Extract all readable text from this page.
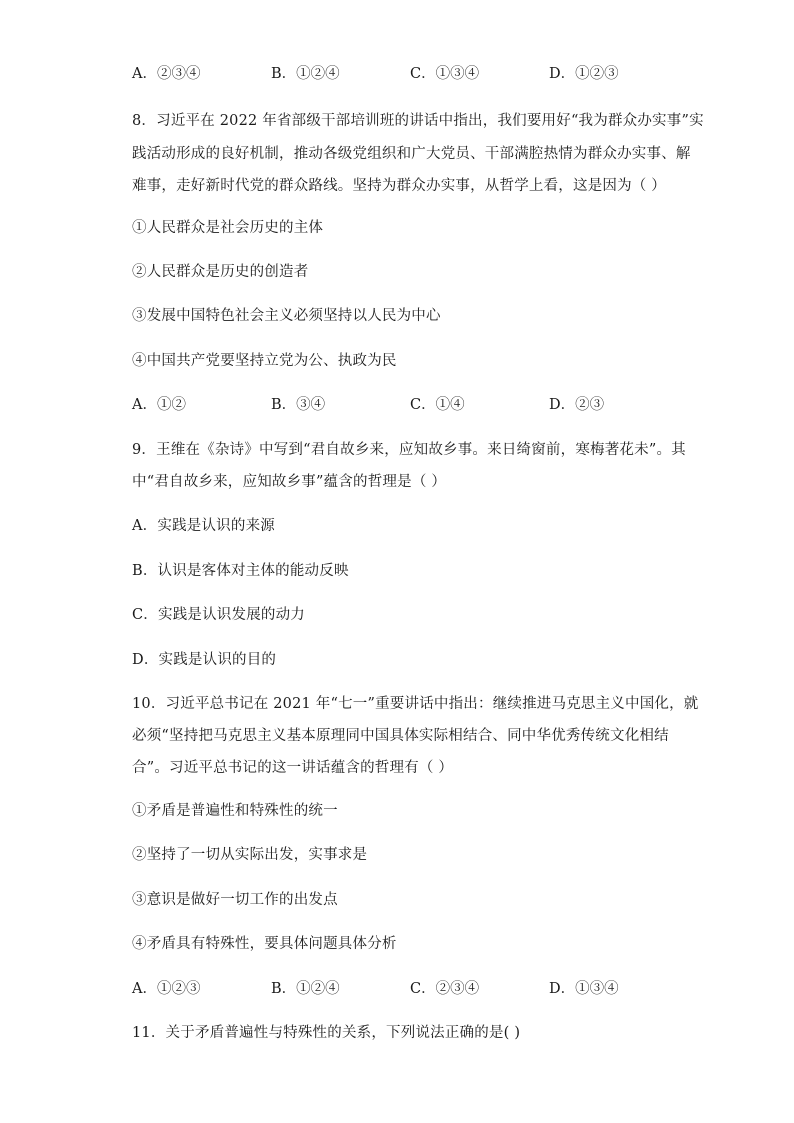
A．②③④	B．①②④	C．①③④	D．①②③
8．习近平在 2022 年省部级干部培训班的讲话中指出，我们要用好“我为群众办实事”实
践活动形成的良好机制，推动各级党组织和广大党员、干部满腔热情为群众办实事、解
难事，走好新时代党的群众路线。坚持为群众办实事，从哲学上看，这是因为（ ）
①人民群众是社会历史的主体
②人民群众是历史的创造者
③发展中国特色社会主义必须坚持以人民为中心
④中国共产党要坚持立党为公、执政为民
A．①②	B．③④	C．①④	D．②③
9．王维在《杂诗》中写到“君自故乡来，应知故乡事。来日绮窗前，寒梅著花未”。其
中“君自故乡来，应知故乡事”蕴含的哲理是（ ）
A．实践是认识的来源
B．认识是客体对主体的能动反映
C．实践是认识发展的动力
D．实践是认识的目的
10．习近平总书记在 2021 年“七一”重要讲话中指出：继续推进马克思主义中国化，就
必须“坚持把马克思主义基本原理同中国具体实际相结合、同中华优秀传统文化相结
合”。习近平总书记的这一讲话蕴含的哲理有（ ）
①矛盾是普遍性和特殊性的统一
②坚持了一切从实际出发，实事求是
③意识是做好一切工作的出发点
④矛盾具有特殊性，要具体问题具体分析
A．①②③	B．①②④	C．②③④	D．①③④
11．关于矛盾普遍性与特殊性的关系，下列说法正确的是( )
